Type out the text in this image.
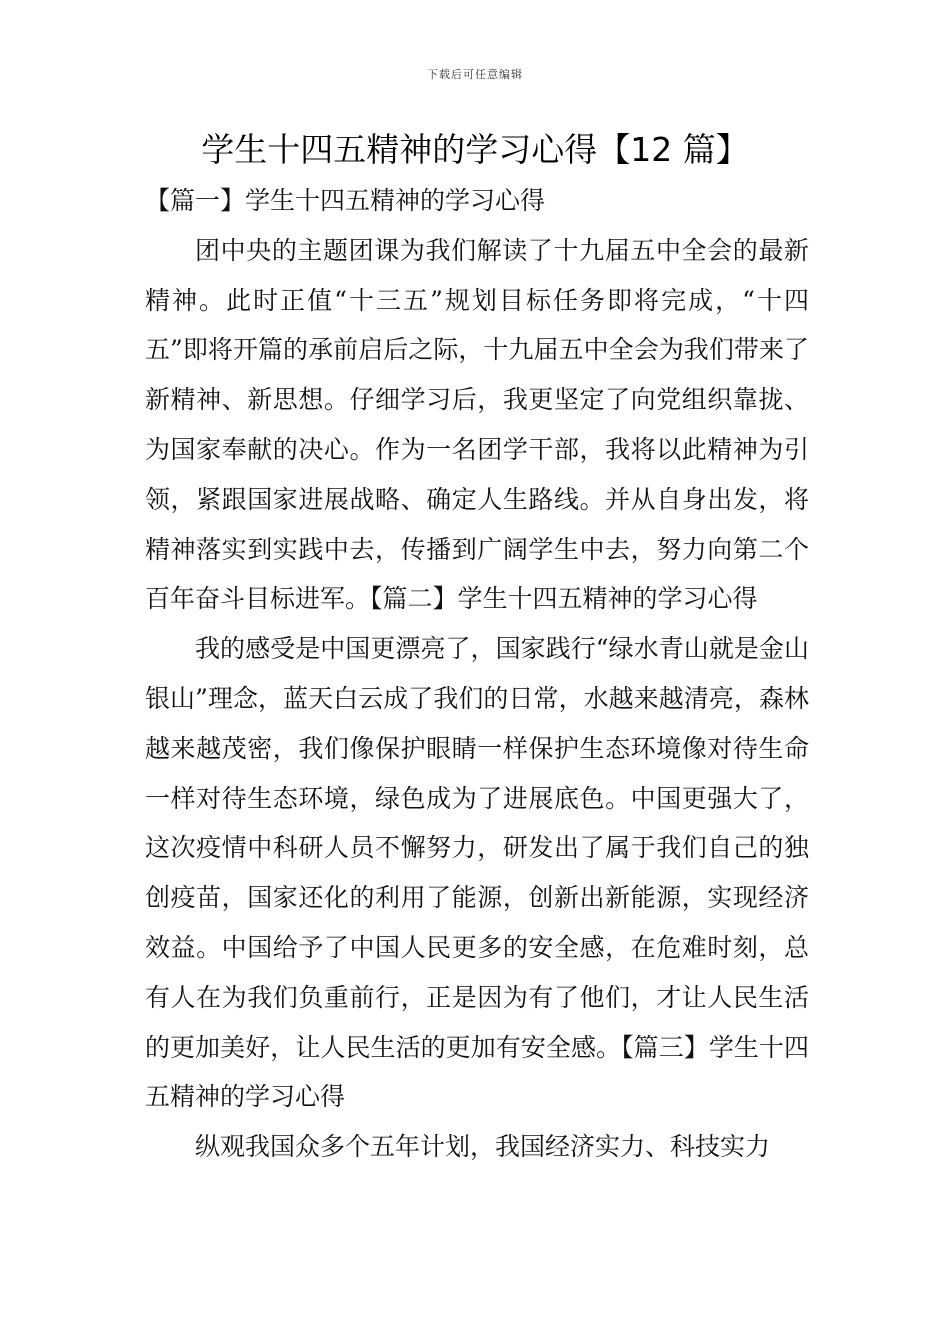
下载后可任意编辑
学生十四五精神的学习心得【12 篇】

【篇一】学生十四五精神的学习心得

团中央的主题团课为我们解读了十九届五中全会的最新精神。此时正值“十三五”规划目标任务即将完成，“十四五”即将开篇的承前启后之际，十九届五中全会为我们带来了新精神、新思想。仔细学习后，我更坚定了向党组织靠拢、为国家奉献的决心。作为一名团学干部，我将以此精神为引领，紧跟国家进展战略、确定人生路线。并从自身出发，将精神落实到实践中去，传播到广阔学生中去，努力向第二个百年奋斗目标进军。【篇二】学生十四五精神的学习心得

我的感受是中国更漂亮了，国家践行“绿水青山就是金山银山”理念，蓝天白云成了我们的日常，水越来越清亮，森林越来越茂密，我们像保护眼睛一样保护生态环境像对待生命一样对待生态环境，绿色成为了进展底色。中国更强大了，这次疫情中科研人员不懈努力，研发出了属于我们自己的独创疫苗，国家还化的利用了能源，创新出新能源，实现经济效益。中国给予了中国人民更多的安全感，在危难时刻，总有人在为我们负重前行，正是因为有了他们，才让人民生活的更加美好，让人民生活的更加有安全感。【篇三】学生十四五精神的学习心得

纵观我国众多个五年计划，我国经济实力、科技实力
